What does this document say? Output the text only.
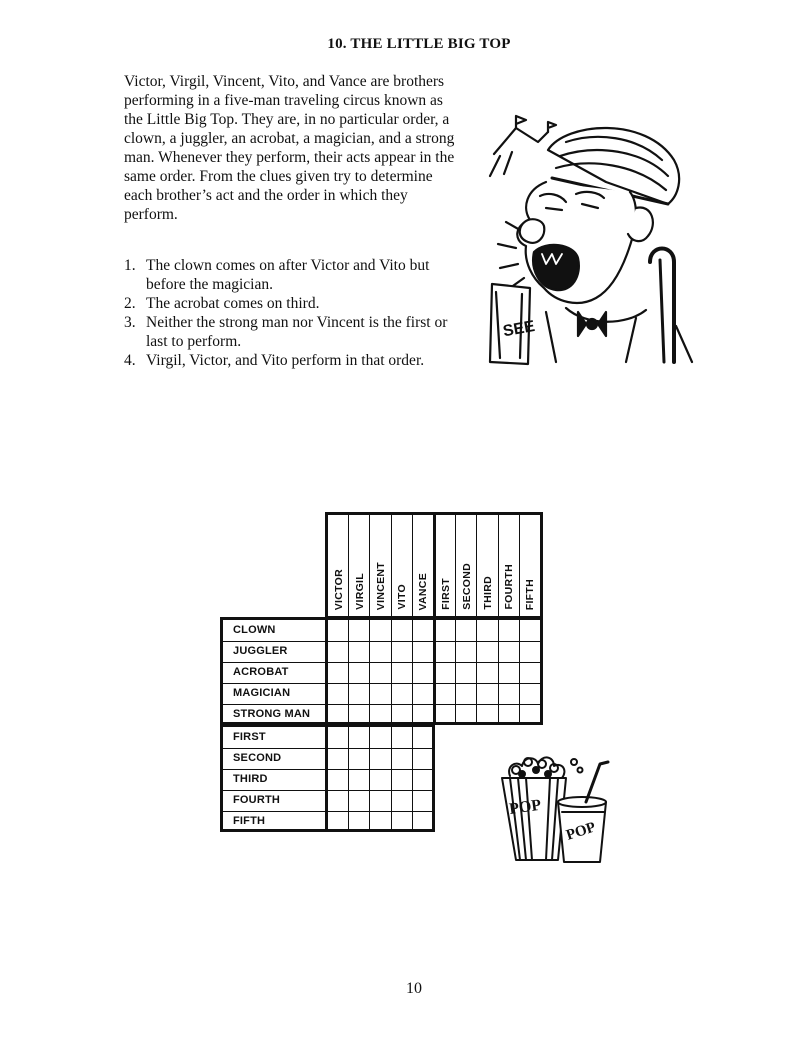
10. THE LITTLE BIG TOP

Victor, Virgil, Vincent, Vito, and Vance are brothers performing in a five-man traveling circus known as the Little Big Top. They are, in no particular order, a clown, a juggler, an acrobat, a magician, and a strong man. Whenever they perform, their acts appear in the same order. From the clues given try to determine each brother’s act and the order in which they perform.

1. The clown comes on after Victor and Vito but before the magician.
2. The acrobat comes on third.
3. Neither the strong man nor Vincent is the first or last to perform.
4. Virgil, Victor, and Vito perform in that order.
SEE
VICTOR VIRGIL VINCENT VITO VANCE FIRST SECOND THIRD FOURTH FIFTH
CLOWN
JUGGLER
ACROBAT
MAGICIAN
STRONG MAN
FIRST
SECOND
THIRD
FOURTH
FIFTH
POP
POP
10
